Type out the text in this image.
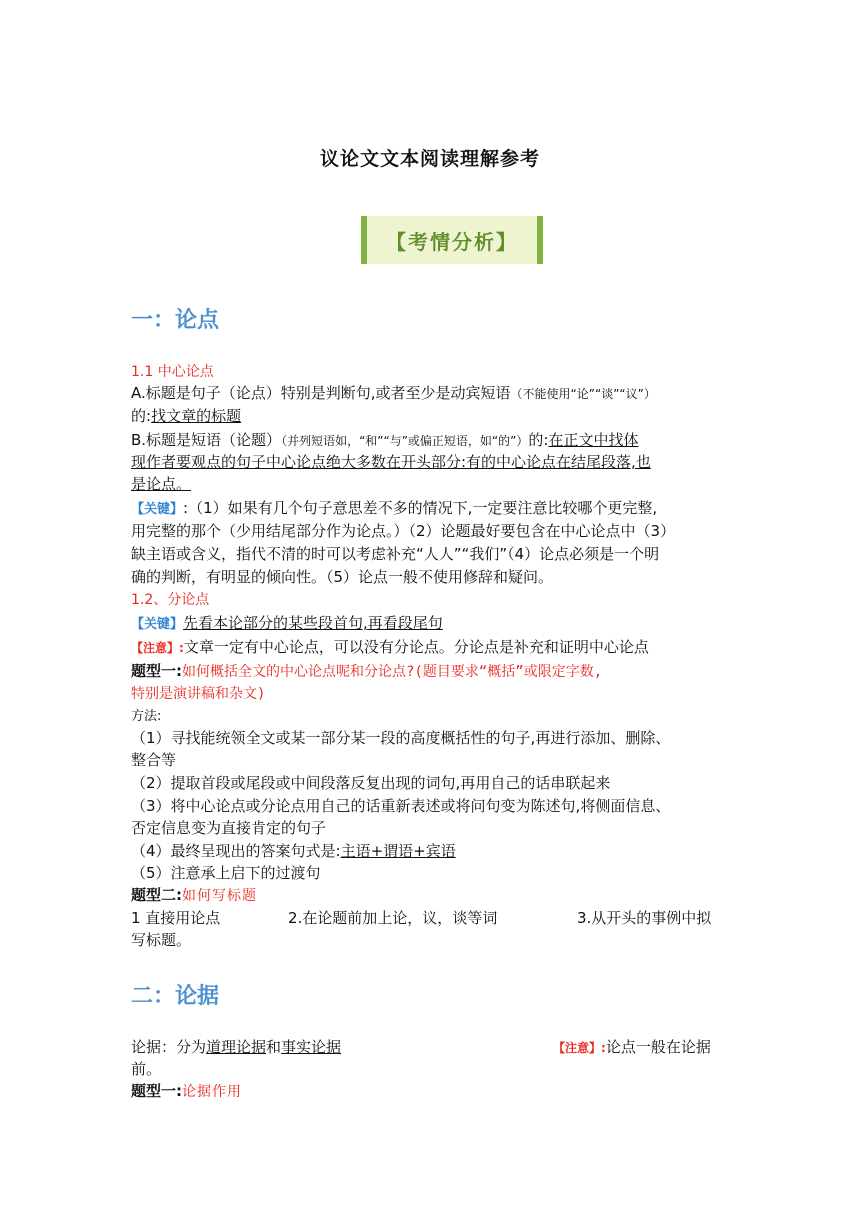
议论文文本阅读理解参考
【考情分析】
一：论点
1.1 中心论点
A.标题是句子（论点）特别是判断句,或者至少是动宾短语（不能使用“论”“谈”“议”）
的:找文章的标题
B.标题是短语（论题）（并列短语如，“和”“与”或偏正短语，如“的”）的:在正文中找体
现作者要观点的句子中心论点绝大多数在开头部分:有的中心论点在结尾段落,也
是论点。
【关键】:（1）如果有几个句子意思差不多的情况下,一定要注意比较哪个更完整,
用完整的那个（少用结尾部分作为论点。）（2）论题最好要包含在中心论点中（3）
缺主语或含义，指代不清的时可以考虑补充“人人”“我们”（4）论点必须是一个明
确的判断，有明显的倾向性。（5）论点一般不使用修辞和疑问。
1.2、分论点
【关键】先看本论部分的某些段首句,再看段尾句
【注意】:文章一定有中心论点，可以没有分论点。分论点是补充和证明中心论点
题型一:如何概括全文的中心论点呢和分论点?(题目要求“概括”或限定字数,
特别是演讲稿和杂文)
方法:
（1）寻找能统领全文或某一部分某一段的高度概括性的句子,再进行添加、删除、
整合等
（2）提取首段或尾段或中间段落反复出现的词句,再用自己的话串联起来
（3）将中心论点或分论点用自己的话重新表述或将问句变为陈述句,将侧面信息、
否定信息变为直接肯定的句子
（4）最终呈现出的答案句式是:主语+谓语+宾语
（5）注意承上启下的过渡句
题型二:如何写标题
1 直接用论点	2.在论题前加上论，议，谈等词	3.从开头的事例中拟
写标题。
二：论据
论据：分为道理论据和事实论据	【注意】:论点一般在论据
前。
题型一:论据作用
